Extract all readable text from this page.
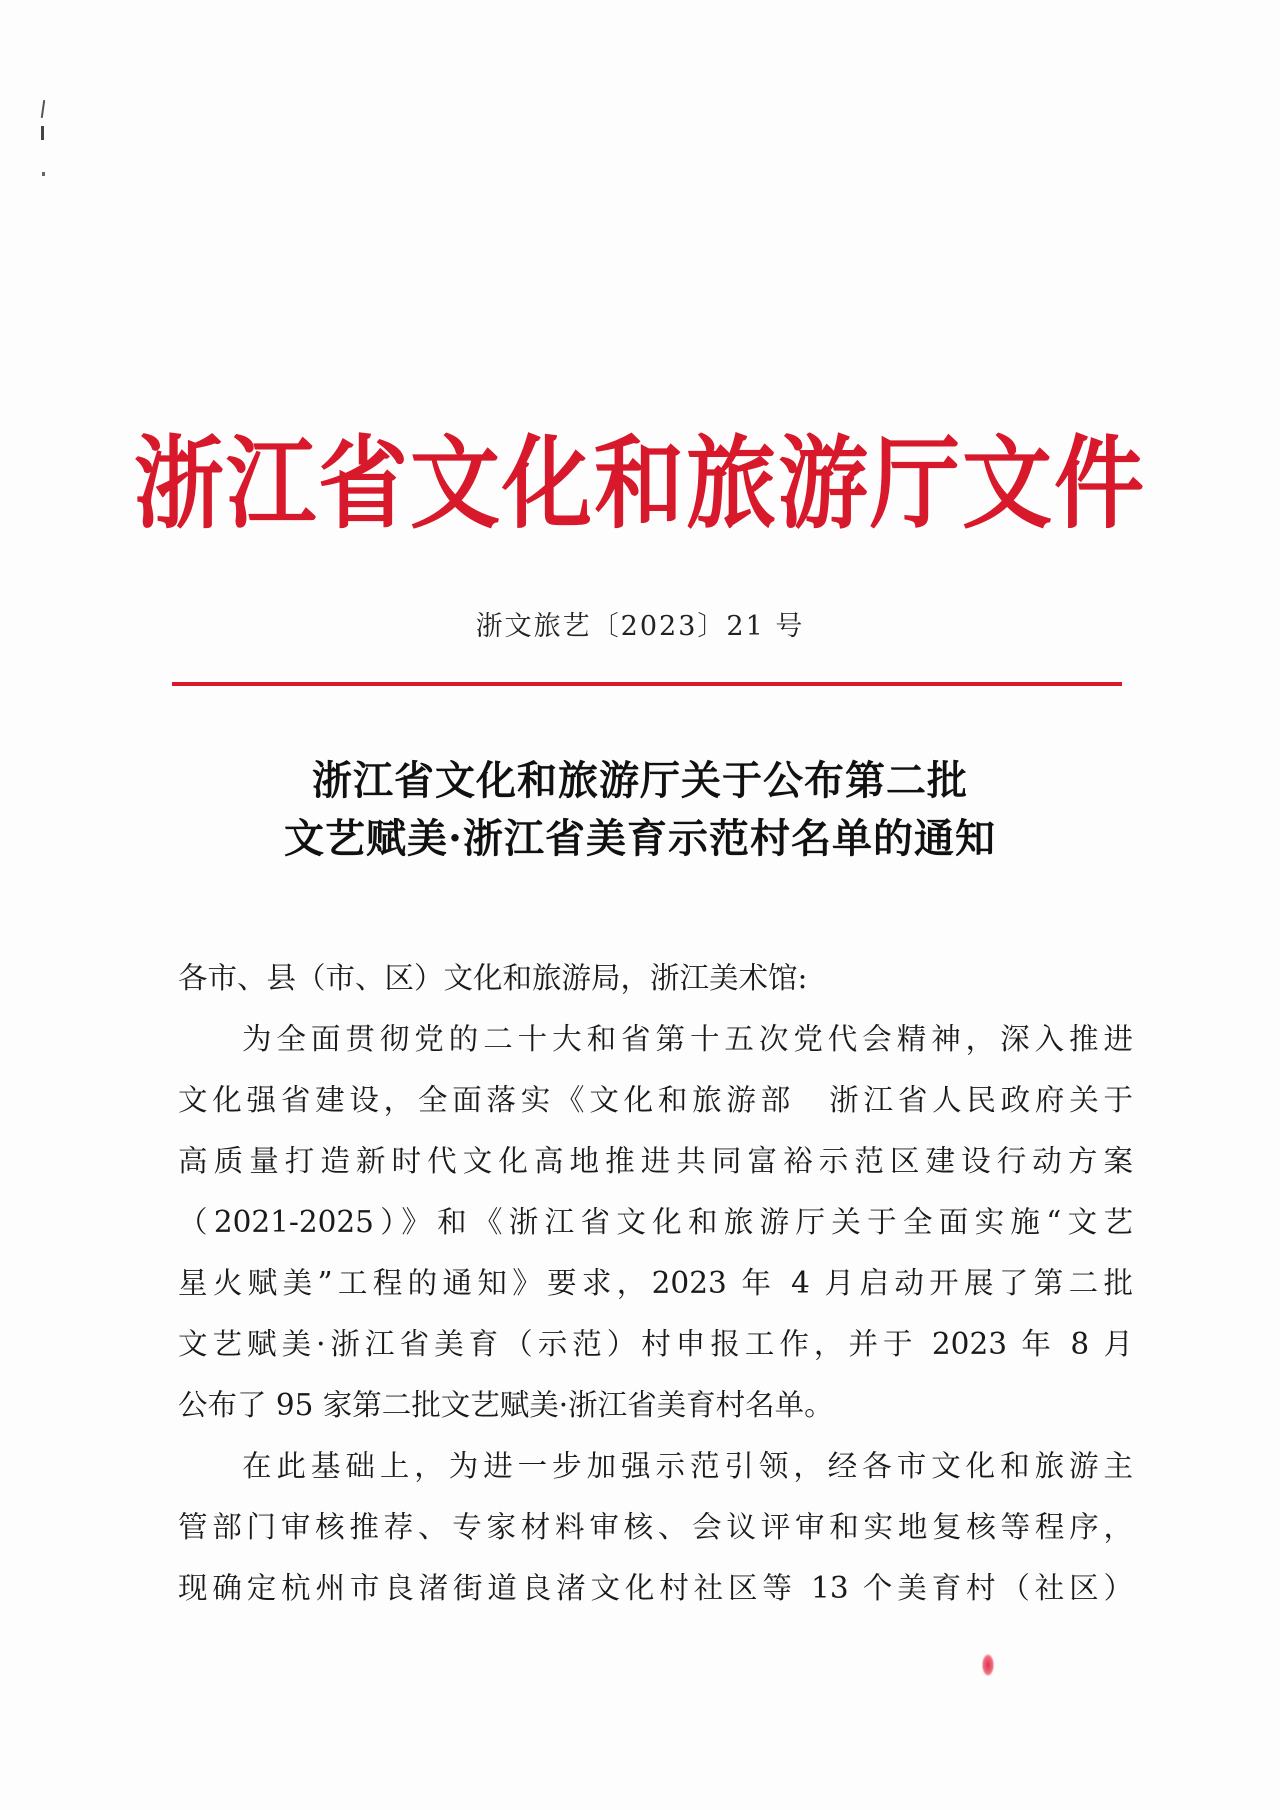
浙江省文化和旅游厅文件
浙文旅艺〔2023〕21 号
浙江省文化和旅游厅关于公布第二批
文艺赋美·浙江省美育示范村名单的通知
各市、县（市、区）文化和旅游局，浙江美术馆:
为全面贯彻党的二十大和省第十五次党代会精神，深入推进
文化强省建设，全面落实《文化和旅游部　浙江省人民政府关于
高质量打造新时代文化高地推进共同富裕示范区建设行动方案
（2021-2025）》和《浙江省文化和旅游厅关于全面实施“文艺
星火赋美”工程的通知》要求，2023 年 4 月启动开展了第二批
文艺赋美·浙江省美育（示范）村申报工作，并于 2023 年 8 月
公布了 95 家第二批文艺赋美·浙江省美育村名单。
在此基础上，为进一步加强示范引领，经各市文化和旅游主
管部门审核推荐、专家材料审核、会议评审和实地复核等程序，
现确定杭州市良渚街道良渚文化村社区等 13 个美育村（社区）
